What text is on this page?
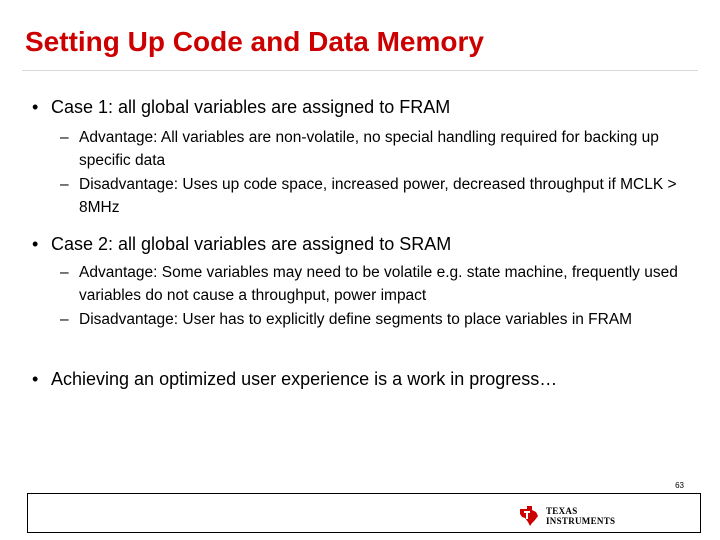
Setting Up Code and Data Memory
• Case 1: all global variables are assigned to FRAM
– Advantage: All variables are non-volatile, no special handling required for backing up specific data
– Disadvantage: Uses up code space, increased power, decreased throughput if MCLK > 8MHz
• Case 2: all global variables are assigned to SRAM
– Advantage: Some variables may need to be volatile e.g. state machine, frequently used variables do not cause a throughput, power impact
– Disadvantage: User has to explicitly define segments to place variables in FRAM
• Achieving an optimized user experience is a work in progress…
63
TEXAS
INSTRUMENTS
